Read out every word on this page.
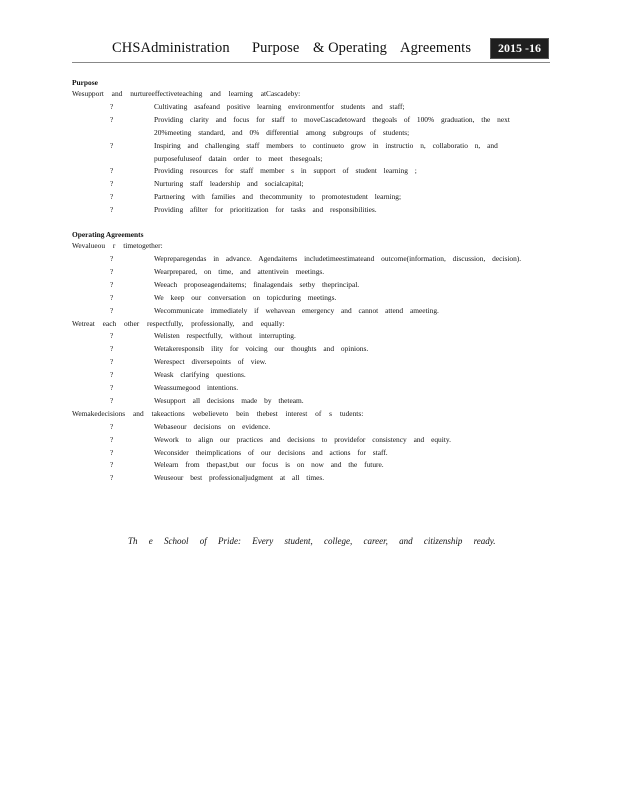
CHSAdministration Purpose & Operating Agreements	2015 -16
Purpose
Wesupport and nurtureeffectiveteaching and learning atCascadeby:
?	Cultivating asafeand positive learning environmentfor students and staff;
?	Providing clarity and focus for staff to moveCascadetoward thegoals of 100% graduation, the next 20%meeting standard, and 0% differential among subgroups of students;
?	Inspiring and challenging staff members to continueto grow in instructio n, collaboratio n, and purposefuluseof datain order to meet thesegoals;
?	Providing resources for staff member s in support of student learning ;
?	Nurturing staff leadership and socialcapital;
?	Partnering with families and thecommunity to promotestudent learning;
?	Providing afilter for prioritization for tasks and responsibilities.
Operating Agreements
Wevalueou r timetogether:
?	Wepreparegendas in advance. Agendaitems includetimeestimateand outcome(information, discussion, decision).
?	Wearprepared, on time, and attentivein meetings.
?	Weeach proposeagendaitems; finalagendais setby theprincipal.
?	We keep our conversation on topicduring meetings.
?	Wecommunicate immediately if wehavean emergency and cannot attend ameeting.
Wetreat each other respectfully, professionally, and equally:
?	Welisten respectfully, without interrupting.
?	Wetakeresponsib ility for voicing our thoughts and opinions.
?	Werespect diversepoints of view.
?	Weask clarifying questions.
?	Weassumegood intentions.
?	Wesupport all decisions made by theteam.
Wemakedecisions and takeactions webelieveto bein thebest interest of s tudents:
?	Webaseour decisions on evidence.
?	Wework to align our practices and decisions to providefor consistency and equity.
?	Weconsider theimplications of our decisions and actions for staff.
?	Welearn from thepast,but our focus is on now and the future.
?	Weuseour best professionaljudgment at all times.
Th e School of Pride: Every student, college, career, and citizenship ready.
